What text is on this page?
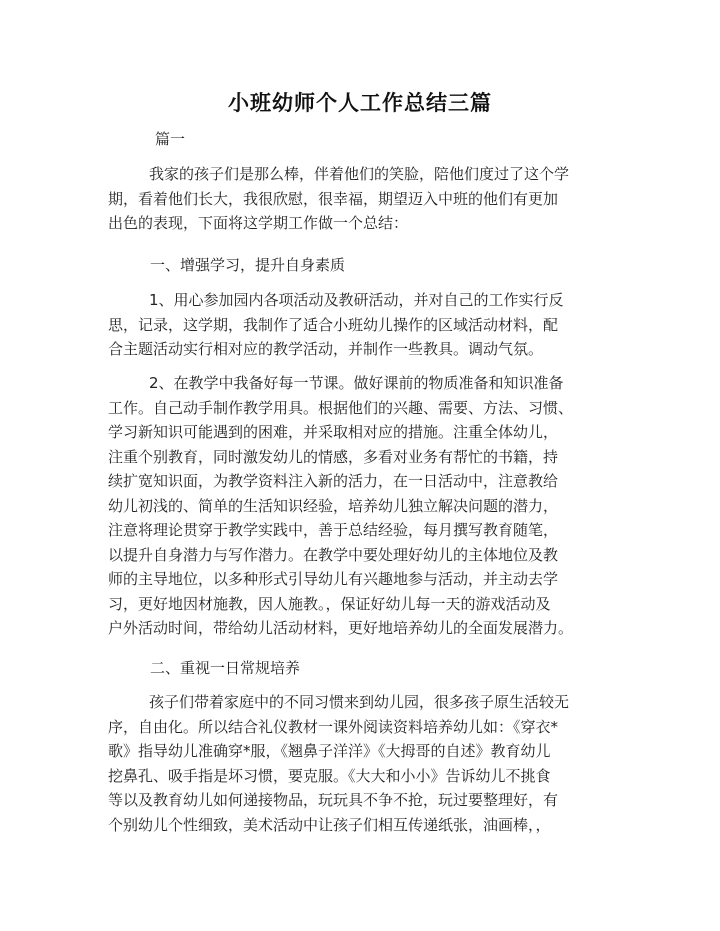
小班幼师个人工作总结三篇
篇一
我家的孩子们是那么棒，伴着他们的笑脸，陪他们度过了这个学
期，看着他们长大，我很欣慰，很幸福，期望迈入中班的他们有更加
出色的表现，下面将这学期工作做一个总结：
一、增强学习，提升自身素质
1、用心参加园内各项活动及教研活动，并对自己的工作实行反
思，记录，这学期，我制作了适合小班幼儿操作的区域活动材料，配
合主题活动实行相对应的教学活动，并制作一些教具。调动气氛。
2、在教学中我备好每一节课。做好课前的物质准备和知识准备
工作。自己动手制作教学用具。根据他们的兴趣、需要、方法、习惯、
学习新知识可能遇到的困难，并采取相对应的措施。注重全体幼儿，
注重个别教育，同时激发幼儿的情感，多看对业务有帮忙的书籍，持
续扩宽知识面，为教学资料注入新的活力，在一日活动中，注意教给
幼儿初浅的、简单的生活知识经验，培养幼儿独立解决问题的潜力，
注意将理论贯穿于教学实践中，善于总结经验，每月撰写教育随笔，
以提升自身潜力与写作潜力。在教学中要处理好幼儿的主体地位及教
师的主导地位，以多种形式引导幼儿有兴趣地参与活动，并主动去学
习，更好地因材施教，因人施教。，保证好幼儿每一天的游戏活动及
户外活动时间，带给幼儿活动材料，更好地培养幼儿的全面发展潜力。
二、重视一日常规培养
孩子们带着家庭中的不同习惯来到幼儿园，很多孩子原生活较无
序，自由化。所以结合礼仪教材一课外阅读资料培养幼儿如：《穿衣*
歌》指导幼儿准确穿*服，《翘鼻子洋洋》《大拇哥的自述》教育幼儿
挖鼻孔、吸手指是坏习惯，要克服。《大大和小小》告诉幼儿不挑食
等以及教育幼儿如何递接物品，玩玩具不争不抢，玩过要整理好，有
个别幼儿个性细致，美术活动中让孩子们相互传递纸张，油画棒，，
